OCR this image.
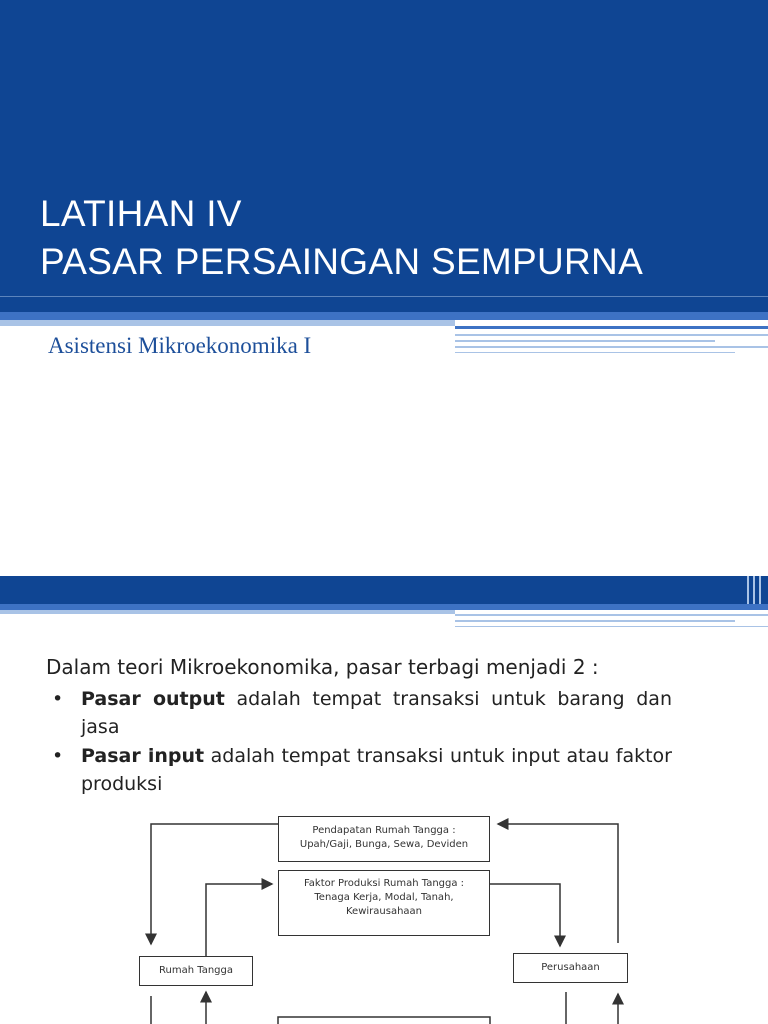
LATIHAN IV
PASAR PERSAINGAN SEMPURNA
Asistensi Mikroekonomika I
Dalam teori Mikroekonomika, pasar terbagi menjadi 2 :
• Pasar output adalah tempat transaksi untuk barang dan jasa
• Pasar input adalah tempat transaksi untuk input atau faktor produksi
Pendapatan Rumah Tangga :
Upah/Gaji, Bunga, Sewa, Deviden
Faktor Produksi Rumah Tangga :
Tenaga Kerja, Modal, Tanah,
Kewirausahaan
Rumah Tangga	Perusahaan
